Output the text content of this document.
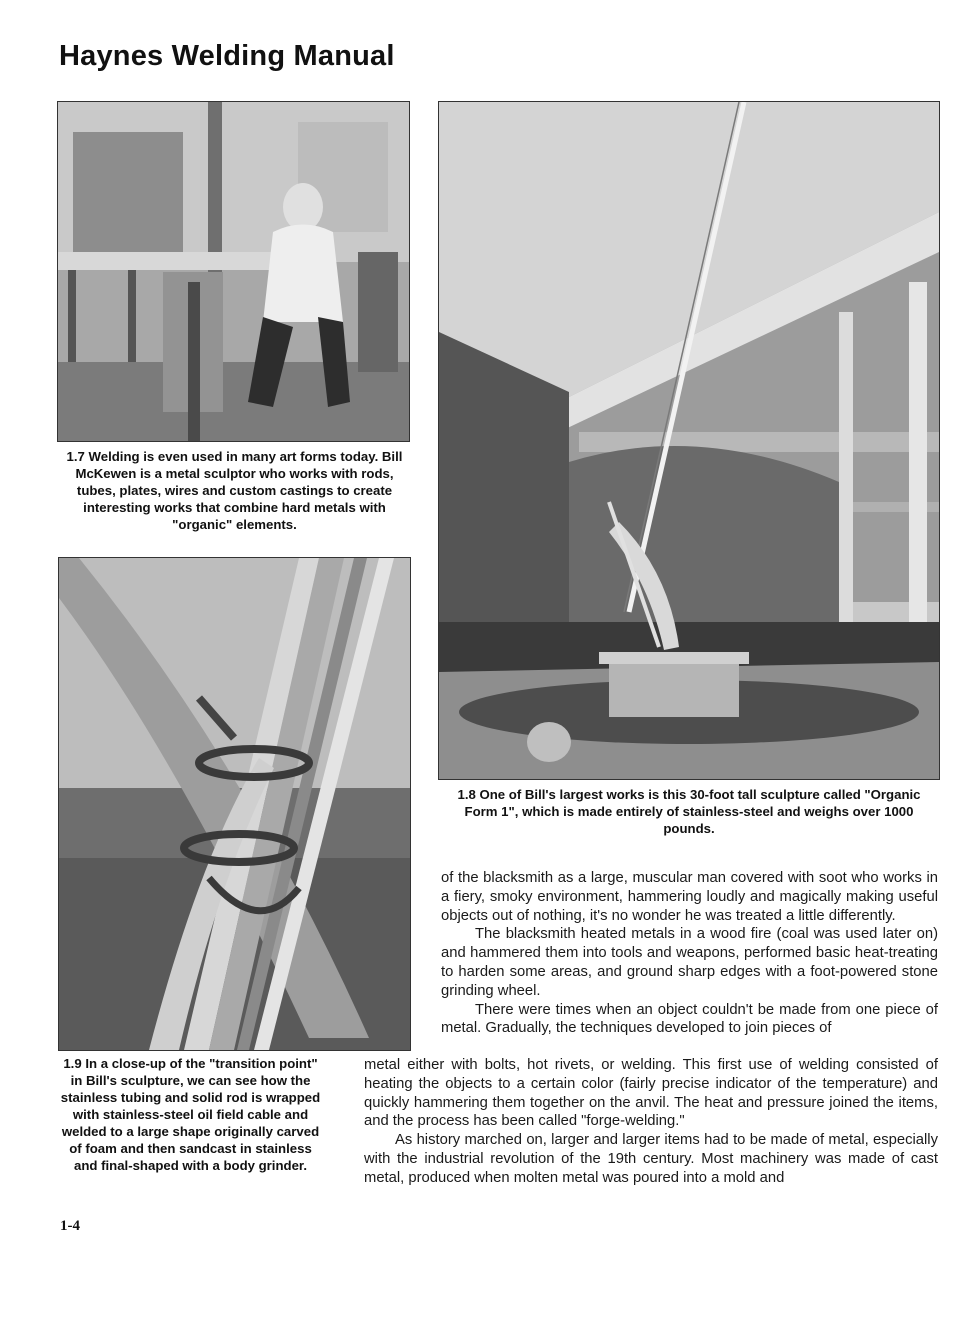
Haynes Welding Manual
1.7 Welding is even used in many art forms today. Bill McKewen is a metal sculptor who works with rods, tubes, plates, wires and custom castings to create interesting works that combine hard metals with "organic" elements.
1.8 One of Bill's largest works is this 30-foot tall sculpture called "Organic Form 1", which is made entirely of stainless-steel and weighs over 1000 pounds.
1.9 In a close-up of the "transition point" in Bill's sculpture, we can see how the stainless tubing and solid rod is wrapped with stainless-steel oil field cable and welded to a large shape originally carved of foam and then sandcast in stainless and final-shaped with a body grinder.

of the blacksmith as a large, muscular man covered with soot who works in a fiery, smoky environment, hammering loudly and magically making useful objects out of nothing, it's no wonder he was treated a little differently.

The blacksmith heated metals in a wood fire (coal was used later on) and hammered them into tools and weapons, performed basic heat-treating to harden some areas, and ground sharp edges with a foot-powered stone grinding wheel.

There were times when an object couldn't be made from one piece of metal. Gradually, the techniques developed to join pieces of

metal either with bolts, hot rivets, or welding. This first use of welding consisted of heating the objects to a certain color (fairly precise indicator of the temperature) and quickly hammering them together on the anvil. The heat and pressure joined the items, and the process has been called "forge-welding."

As history marched on, larger and larger items had to be made of metal, especially with the industrial revolution of the 19th century. Most machinery was made of cast metal, produced when molten metal was poured into a mold and

1-4
